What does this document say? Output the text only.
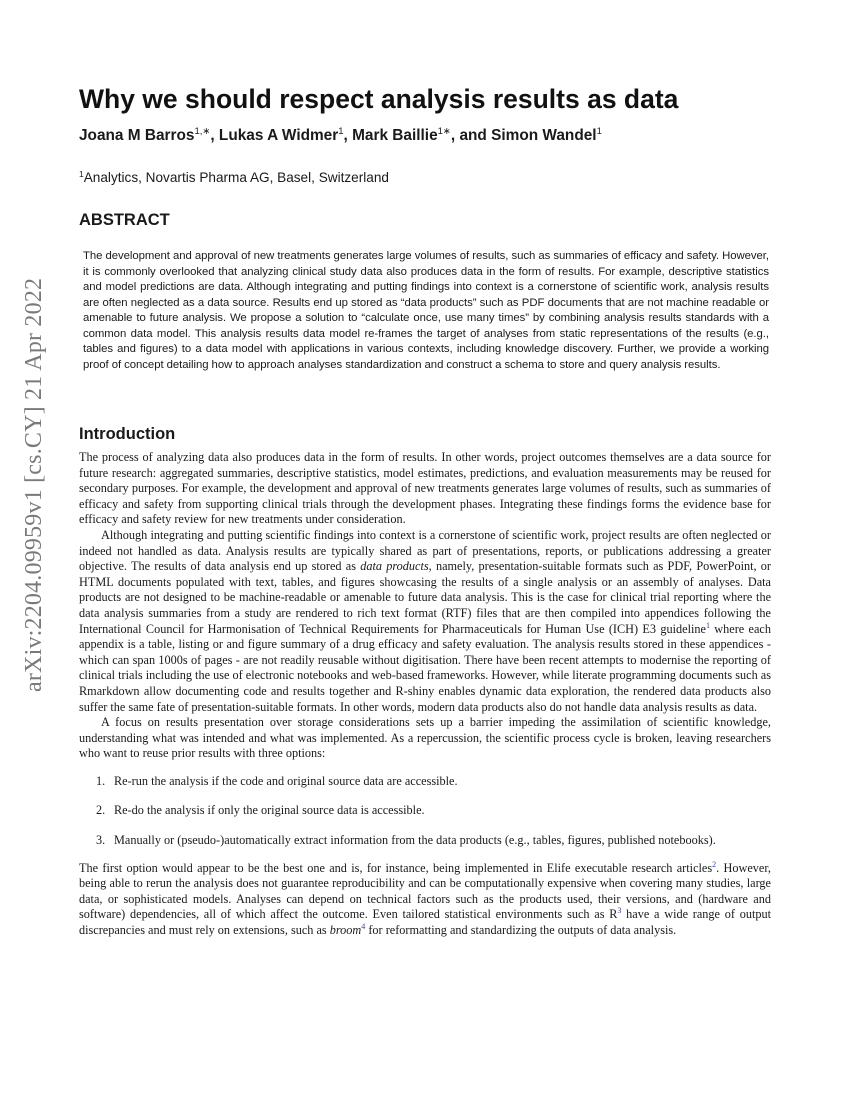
arXiv:2204.09959v1 [cs.CY] 21 Apr 2022
Why we should respect analysis results as data
Joana M Barros$^{1,∗}$, Lukas A Widmer$^1$, Mark Baillie$^{1∗}$, and Simon Wandel$^1$
$^1$Analytics, Novartis Pharma AG, Basel, Switzerland
ABSTRACT

The development and approval of new treatments generates large volumes of results, such as summaries of efficacy and safety. However, it is commonly overlooked that analyzing clinical study data also produces data in the form of results. For example, descriptive statistics and model predictions are data. Although integrating and putting findings into context is a cornerstone of scientific work, analysis results are often neglected as a data source. Results end up stored as “data products” such as PDF documents that are not machine readable or amenable to future analysis. We propose a solution to “calculate once, use many times” by combining analysis results standards with a common data model. This analysis results data model re-frames the target of analyses from static representations of the results (e.g., tables and figures) to a data model with applications in various contexts, including knowledge discovery. Further, we provide a working proof of concept detailing how to approach analyses standardization and construct a schema to store and query analysis results.

Introduction

The process of analyzing data also produces data in the form of results. In other words, project outcomes themselves are a data source for future research: aggregated summaries, descriptive statistics, model estimates, predictions, and evaluation measurements may be reused for secondary purposes. For example, the development and approval of new treatments generates large volumes of results, such as summaries of efficacy and safety from supporting clinical trials through the development phases. Integrating these findings forms the evidence base for efficacy and safety review for new treatments under consideration.

Although integrating and putting scientific findings into context is a cornerstone of scientific work, project results are often neglected or indeed not handled as data. Analysis results are typically shared as part of presentations, reports, or publications addressing a greater objective. The results of data analysis end up stored as data products, namely, presentation-suitable formats such as PDF, PowerPoint, or HTML documents populated with text, tables, and figures showcasing the results of a single analysis or an assembly of analyses. Data products are not designed to be machine-readable or amenable to future data analysis. This is the case for clinical trial reporting where the data analysis summaries from a study are rendered to rich text format (RTF) files that are then compiled into appendices following the International Council for Harmonisation of Technical Requirements for Pharmaceuticals for Human Use (ICH) E3 guideline$^1$ where each appendix is a table, listing or and figure summary of a drug efficacy and safety evaluation. The analysis results stored in these appendices - which can span 1000s of pages - are not readily reusable without digitisation. There have been recent attempts to modernise the reporting of clinical trials including the use of electronic notebooks and web-based frameworks. However, while literate programming documents such as Rmarkdown allow documenting code and results together and R-shiny enables dynamic data exploration, the rendered data products also suffer the same fate of presentation-suitable formats. In other words, modern data products also do not handle data analysis results as data.

A focus on results presentation over storage considerations sets up a barrier impeding the assimilation of scientific knowledge, understanding what was intended and what was implemented. As a repercussion, the scientific process cycle is broken, leaving researchers who want to reuse prior results with three options:

1. Re-run the analysis if the code and original source data are accessible.
2. Re-do the analysis if only the original source data is accessible.
3. Manually or (pseudo-)automatically extract information from the data products (e.g., tables, figures, published notebooks).

The first option would appear to be the best one and is, for instance, being implemented in Elife executable research articles$^2$. However, being able to rerun the analysis does not guarantee reproducibility and can be computationally expensive when covering many studies, large data, or sophisticated models. Analyses can depend on technical factors such as the products used, their versions, and (hardware and software) dependencies, all of which affect the outcome. Even tailored statistical environments such as $R^3$ have a wide range of output discrepancies and must rely on extensions, such as broom$^4$ for reformatting and standardizing the outputs of data analysis.
